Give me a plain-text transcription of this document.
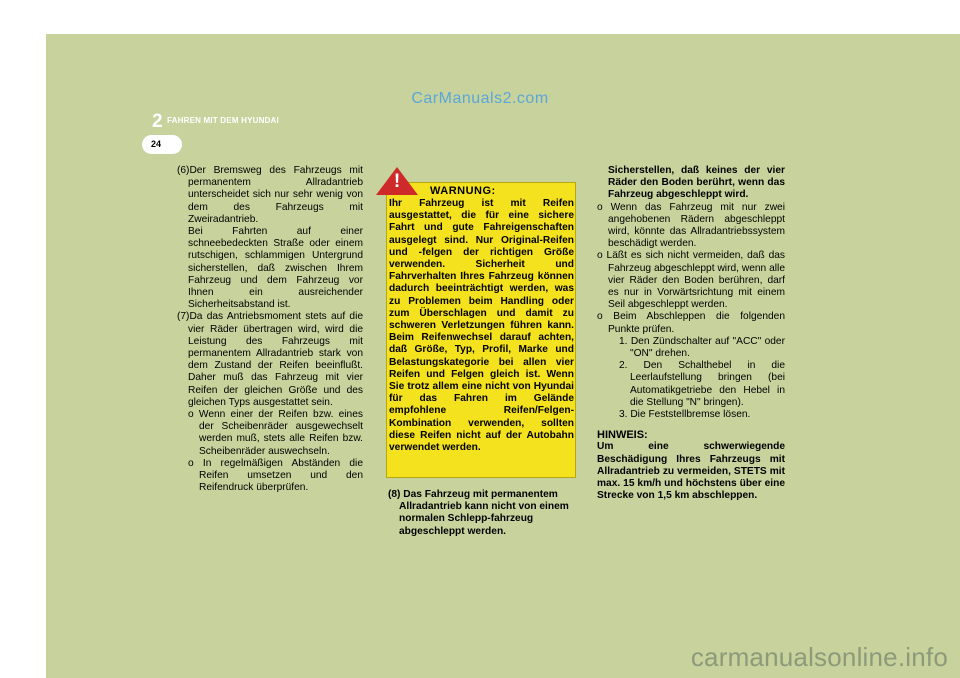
CarManuals2.com
2 FAHREN MIT DEM HYUNDAI
24

(6)Der Bremsweg des Fahrzeugs mit permanentem Allradantrieb unterscheidet sich nur sehr wenig von dem des Fahrzeugs mit Zweiradantrieb.

Bei Fahrten auf einer schneebedeckten Straße oder einem rutschigen, schlammigen Untergrund sicherstellen, daß zwischen Ihrem Fahrzeug und dem Fahrzeug vor Ihnen ein ausreichender Sicherheitsabstand ist.

(7)Da das Antriebsmoment stets auf die vier Räder übertragen wird, wird die Leistung des Fahrzeugs mit permanentem Allradantrieb stark von dem Zustand der Reifen beeinflußt. Daher muß das Fahrzeug mit vier Reifen der gleichen Größe und des gleichen Typs ausgestattet sein.

o Wenn einer der Reifen bzw. eines der Scheibenräder ausgewechselt werden muß, stets alle Reifen bzw. Scheibenräder auswechseln.

o In regelmäßigen Abständen die Reifen umsetzen und den Reifendruck überprüfen.

!	WARNUNG:
Ihr Fahrzeug ist mit Reifen ausgestattet, die für eine sichere Fahrt und gute Fahreigenschaften ausgelegt sind. Nur Original-Reifen und -felgen der richtigen Größe verwenden. Sicherheit und Fahrverhalten Ihres Fahrzeug können dadurch beeinträchtigt werden, was zu Problemen beim Handling oder zum Überschlagen und damit zu schweren Verletzungen führen kann. Beim Reifenwechsel darauf achten, daß Größe, Typ, Profil, Marke und Belastungskategorie bei allen vier Reifen und Felgen gleich ist. Wenn Sie trotz allem eine nicht von Hyundai für das Fahren im Gelände empfohlene Reifen/Felgen-Kombination verwenden, sollten diese Reifen nicht auf der Autobahn verwendet werden.
(8) Das Fahrzeug mit permanentem Allradantrieb kann nicht von einem normalen Schlepp-fahrzeug abgeschleppt werden.

Sicherstellen, daß keines der vier Räder den Boden berührt, wenn das Fahrzeug abgeschleppt wird.

o Wenn das Fahrzeug mit nur zwei angehobenen Rädern abgeschleppt wird, könnte das Allradantriebssystem beschädigt werden.

o Läßt es sich nicht vermeiden, daß das Fahrzeug abgeschleppt wird, wenn alle vier Räder den Boden berühren, darf es nur in Vorwärtsrichtung mit einem Seil abgeschleppt werden.

o Beim Abschleppen die folgenden Punkte prüfen.

1. Den Zündschalter auf "ACC" oder "ON" drehen.

2. Den Schalthebel in die Leerlaufstellung bringen (bei Automatikgetriebe den Hebel in die Stellung "N" bringen).

3. Die Feststellbremse lösen.

HINWEIS:

Um eine schwerwiegende Beschädigung Ihres Fahrzeugs mit Allradantrieb zu vermeiden, STETS mit max. 15 km/h und höchstens über eine Strecke von 1,5 km abschleppen.

carmanualsonline.info
